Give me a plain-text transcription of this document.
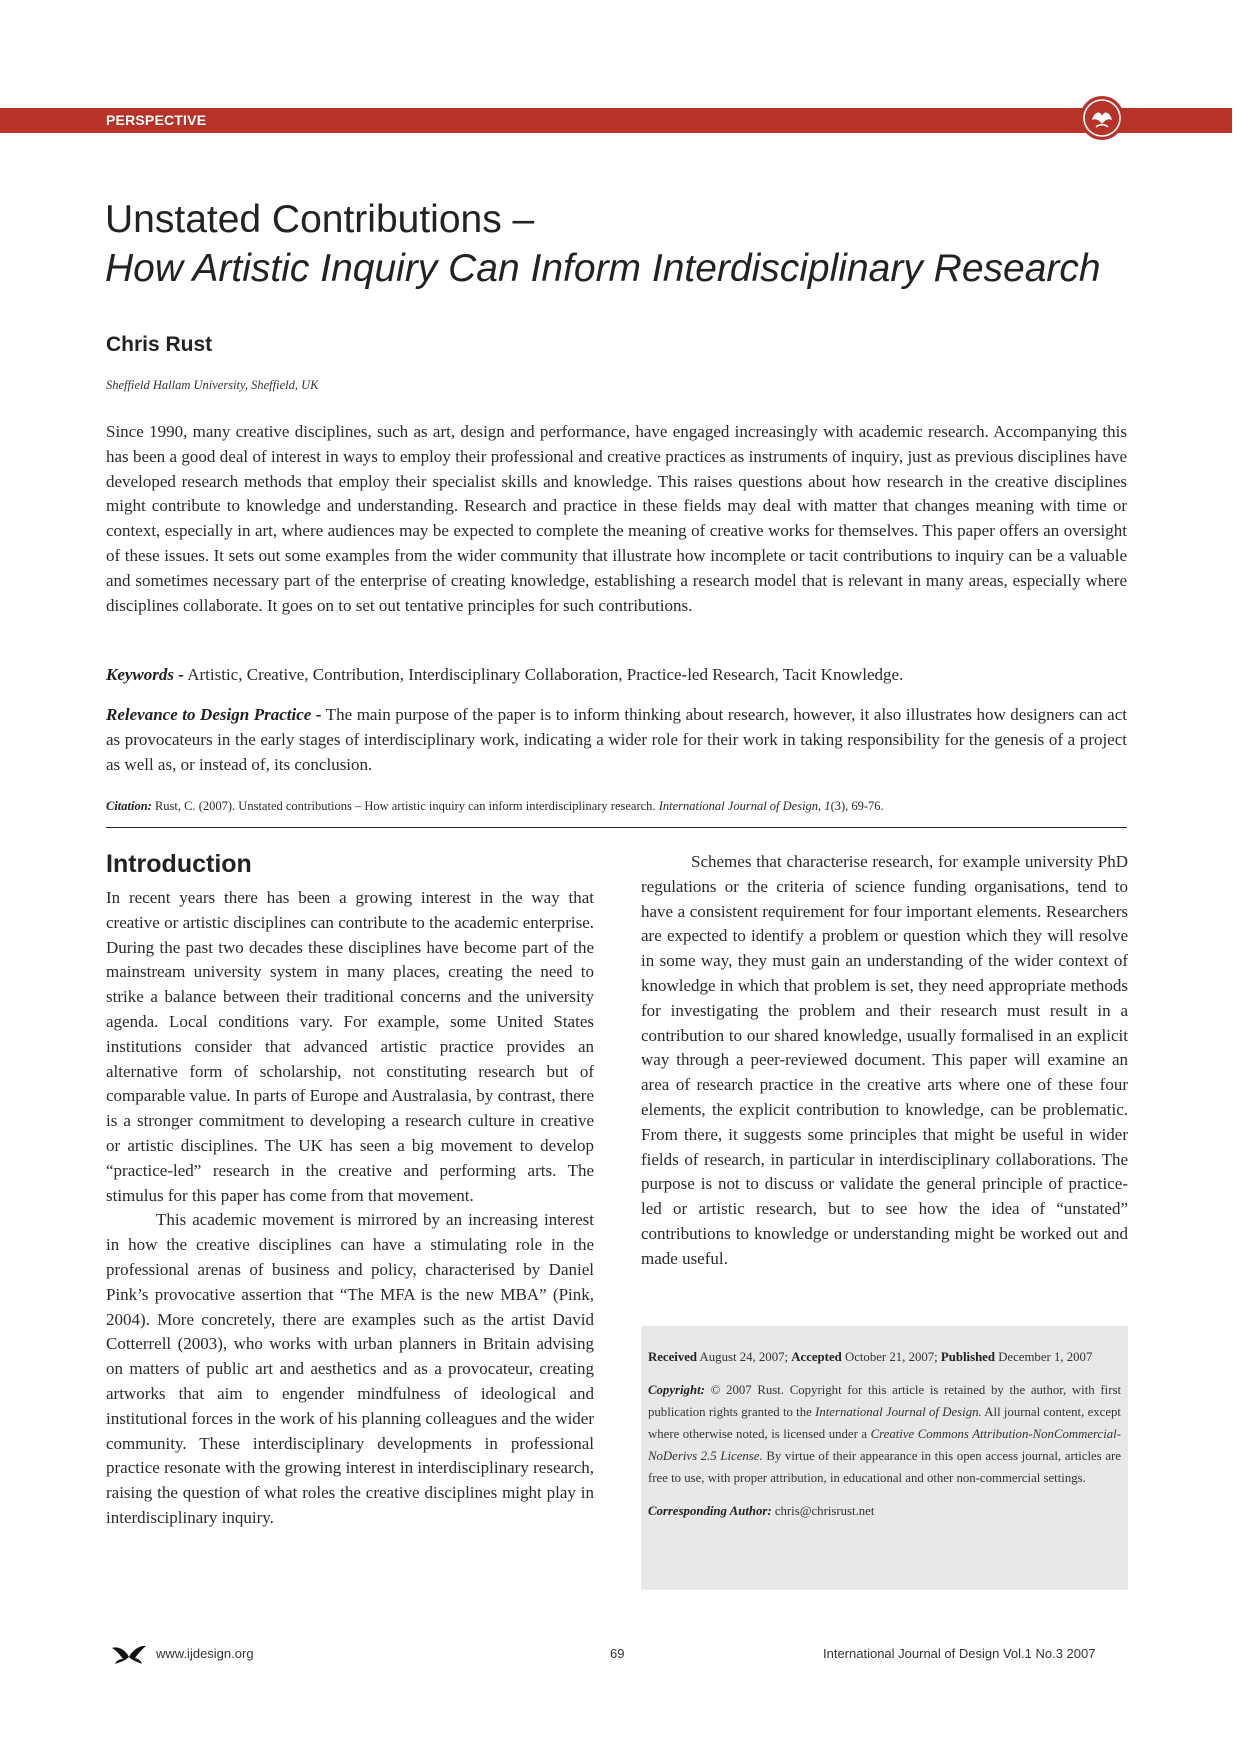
PERSPECTIVE
Unstated Contributions –
How Artistic Inquiry Can Inform Interdisciplinary Research
Chris Rust
Sheffield Hallam University, Sheffield, UK

Since 1990, many creative disciplines, such as art, design and performance, have engaged increasingly with academic research. Accompanying this has been a good deal of interest in ways to employ their professional and creative practices as instruments of inquiry, just as previous disciplines have developed research methods that employ their specialist skills and knowledge. This raises questions about how research in the creative disciplines might contribute to knowledge and understanding. Research and practice in these fields may deal with matter that changes meaning with time or context, especially in art, where audiences may be expected to complete the meaning of creative works for themselves. This paper offers an oversight of these issues. It sets out some examples from the wider community that illustrate how incomplete or tacit contributions to inquiry can be a valuable and sometimes necessary part of the enterprise of creating knowledge, establishing a research model that is relevant in many areas, especially where disciplines collaborate. It goes on to set out tentative principles for such contributions.

Keywords - Artistic, Creative, Contribution, Interdisciplinary Collaboration, Practice-led Research, Tacit Knowledge.

Relevance to Design Practice - The main purpose of the paper is to inform thinking about research, however, it also illustrates how designers can act as provocateurs in the early stages of interdisciplinary work, indicating a wider role for their work in taking responsibility for the genesis of a project as well as, or instead of, its conclusion.

Citation: Rust, C. (2007). Unstated contributions – How artistic inquiry can inform interdisciplinary research. International Journal of Design, 1(3), 69-76.

Introduction

In recent years there has been a growing interest in the way that creative or artistic disciplines can contribute to the academic enterprise. During the past two decades these disciplines have become part of the mainstream university system in many places, creating the need to strike a balance between their traditional concerns and the university agenda. Local conditions vary. For example, some United States institutions consider that advanced artistic practice provides an alternative form of scholarship, not constituting research but of comparable value. In parts of Europe and Australasia, by contrast, there is a stronger commitment to developing a research culture in creative or artistic disciplines. The UK has seen a big movement to develop “practice-led” research in the creative and performing arts. The stimulus for this paper has come from that movement.

This academic movement is mirrored by an increasing interest in how the creative disciplines can have a stimulating role in the professional arenas of business and policy, characterised by Daniel Pink’s provocative assertion that “The MFA is the new MBA” (Pink, 2004). More concretely, there are examples such as the artist David Cotterrell (2003), who works with urban planners in Britain advising on matters of public art and aesthetics and as a provocateur, creating artworks that aim to engender mindfulness of ideological and institutional forces in the work of his planning colleagues and the wider community. These interdisciplinary developments in professional practice resonate with the growing interest in interdisciplinary research, raising the question of what roles the creative disciplines might play in interdisciplinary inquiry.

Schemes that characterise research, for example university PhD regulations or the criteria of science funding organisations, tend to have a consistent requirement for four important elements. Researchers are expected to identify a problem or question which they will resolve in some way, they must gain an understanding of the wider context of knowledge in which that problem is set, they need appropriate methods for investigating the problem and their research must result in a contribution to our shared knowledge, usually formalised in an explicit way through a peer-reviewed document. This paper will examine an area of research practice in the creative arts where one of these four elements, the explicit contribution to knowledge, can be problematic. From there, it suggests some principles that might be useful in wider fields of research, in particular in interdisciplinary collaborations. The purpose is not to discuss or validate the general principle of practice-led or artistic research, but to see how the idea of “unstated” contributions to knowledge or understanding might be worked out and made useful.

Received August 24, 2007; Accepted October 21, 2007; Published December 1, 2007

Copyright: © 2007 Rust. Copyright for this article is retained by the author, with first publication rights granted to the International Journal of Design. All journal content, except where otherwise noted, is licensed under a Creative Commons Attribution-NonCommercial-NoDerivs 2.5 License. By virtue of their appearance in this open access journal, articles are free to use, with proper attribution, in educational and other non-commercial settings.

Corresponding Author: chris@chrisrust.net

www.ijdesign.org	69	International Journal of Design Vol.1 No.3 2007
